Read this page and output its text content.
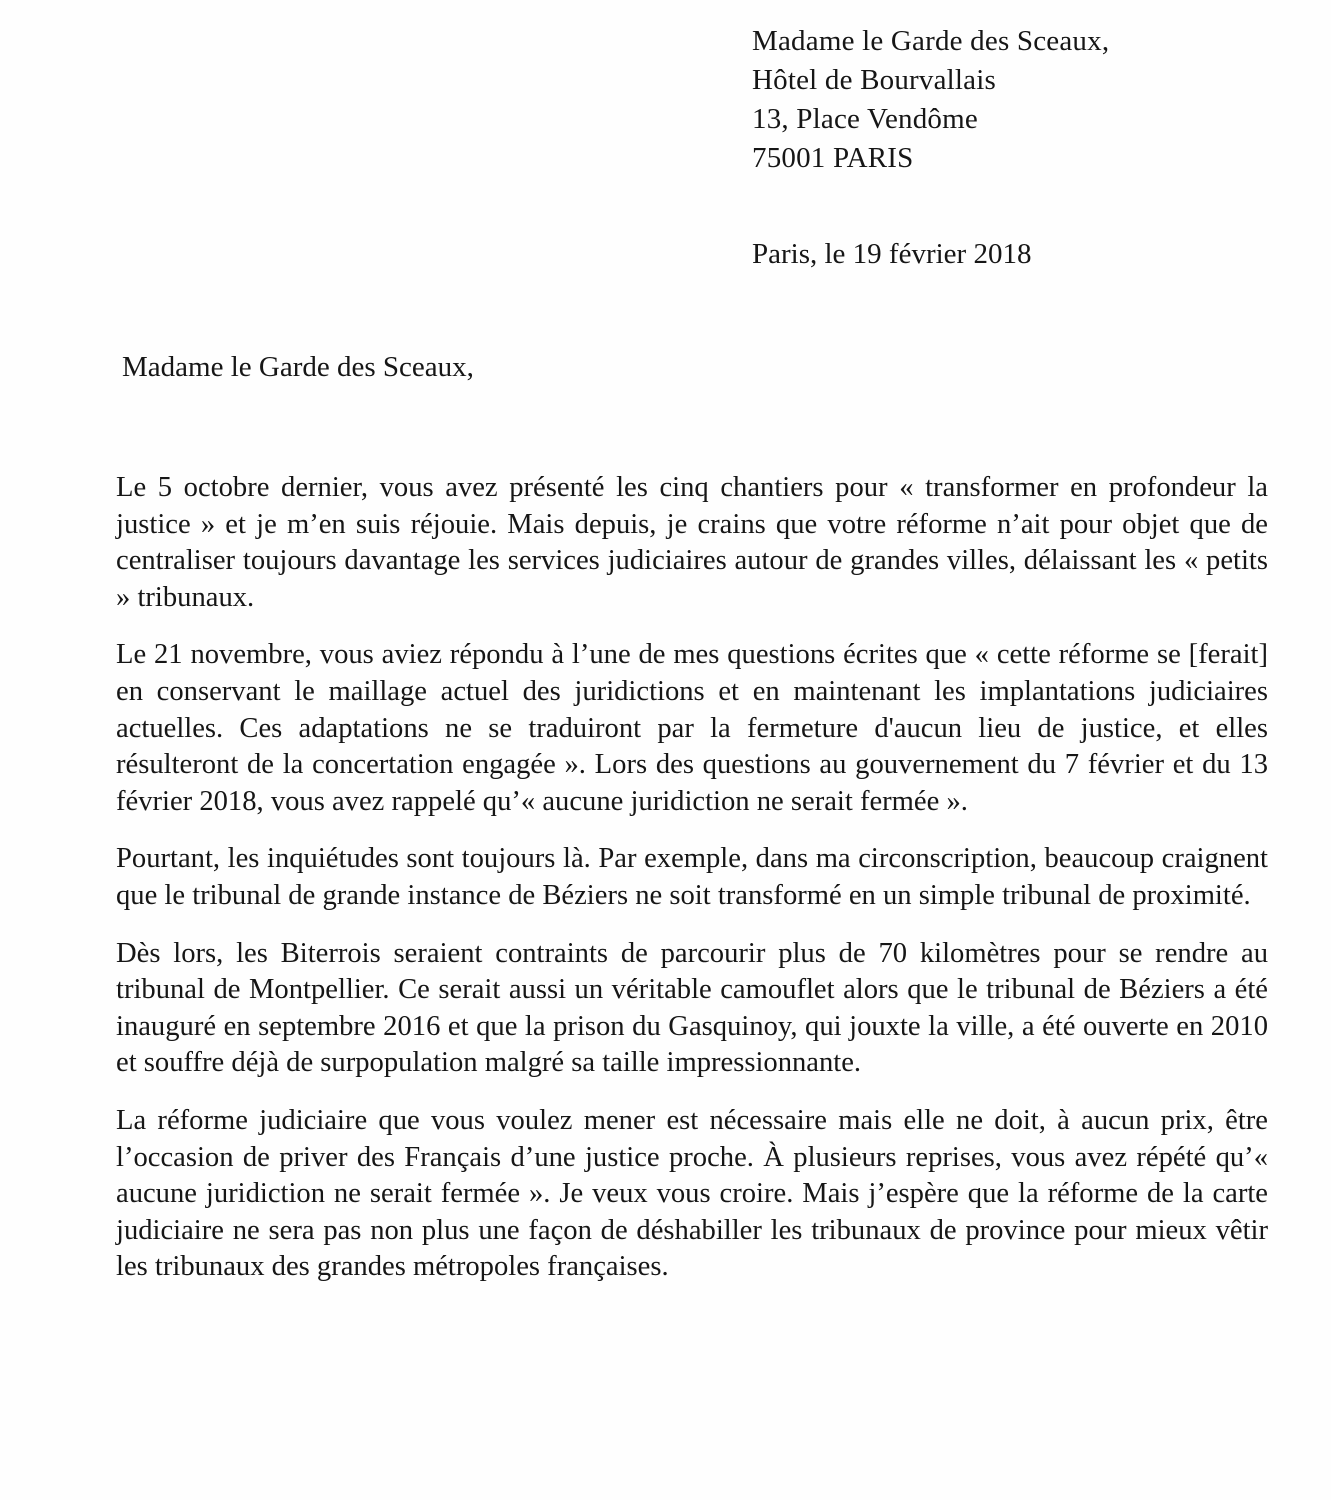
Madame le Garde des Sceaux,
Hôtel de Bourvallais
13, Place Vendôme
75001 PARIS
Paris, le 19 février 2018
Madame le Garde des Sceaux,

Le 5 octobre dernier, vous avez présenté les cinq chantiers pour « transformer en profondeur la justice » et je m’en suis réjouie. Mais depuis, je crains que votre réforme n’ait pour objet que de centraliser toujours davantage les services judiciaires autour de grandes villes, délaissant les « petits » tribunaux.

Le 21 novembre, vous aviez répondu à l’une de mes questions écrites que « cette réforme se [ferait] en conservant le maillage actuel des juridictions et en maintenant les implantations judiciaires actuelles. Ces adaptations ne se traduiront par la fermeture d'aucun lieu de justice, et elles résulteront de la concertation engagée ». Lors des questions au gouvernement du 7 février et du 13 février 2018, vous avez rappelé qu’« aucune juridiction ne serait fermée ».

Pourtant, les inquiétudes sont toujours là. Par exemple, dans ma circonscription, beaucoup craignent que le tribunal de grande instance de Béziers ne soit transformé en un simple tribunal de proximité.

Dès lors, les Biterrois seraient contraints de parcourir plus de 70 kilomètres pour se rendre au tribunal de Montpellier. Ce serait aussi un véritable camouflet alors que le tribunal de Béziers a été inauguré en septembre 2016 et que la prison du Gasquinoy, qui jouxte la ville, a été ouverte en 2010 et souffre déjà de surpopulation malgré sa taille impressionnante.

La réforme judiciaire que vous voulez mener est nécessaire mais elle ne doit, à aucun prix, être l’occasion de priver des Français d’une justice proche. À plusieurs reprises, vous avez répété qu’« aucune juridiction ne serait fermée ». Je veux vous croire. Mais j’espère que la réforme de la carte judiciaire ne sera pas non plus une façon de déshabiller les tribunaux de province pour mieux vêtir les tribunaux des grandes métropoles françaises.
